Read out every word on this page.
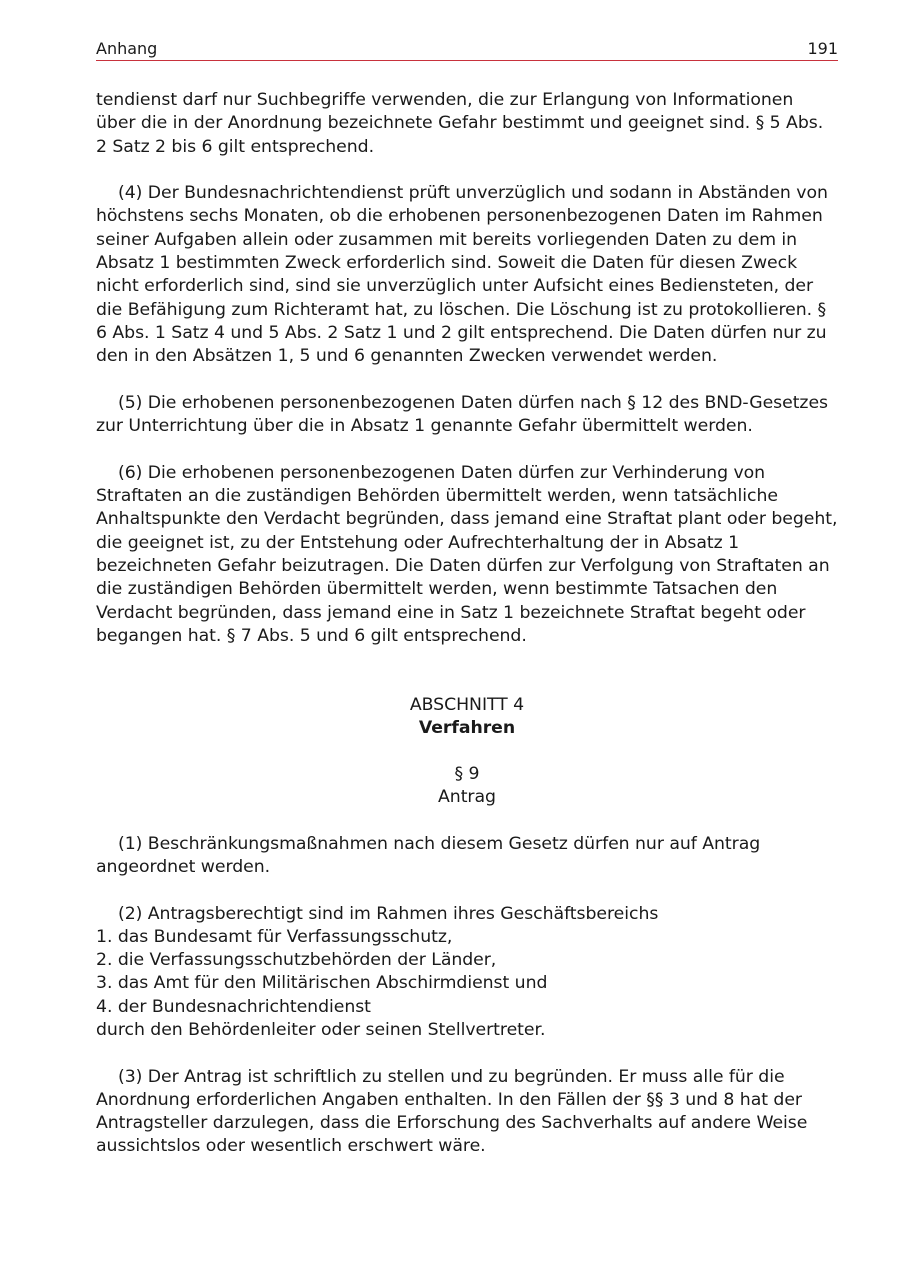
Anhang	191

tendienst darf nur Suchbegriffe verwenden, die zur Erlangung von Informationen über die in der Anordnung bezeichnete Gefahr bestimmt und geeignet sind. § 5 Abs. 2 Satz 2 bis 6 gilt entsprechend.

(4) Der Bundesnachrichtendienst prüft unverzüglich und sodann in Abständen von höchstens sechs Monaten, ob die erhobenen personenbezogenen Daten im Rahmen seiner Aufgaben allein oder zusammen mit bereits vorliegenden Daten zu dem in Absatz 1 bestimmten Zweck erforderlich sind. Soweit die Daten für diesen Zweck nicht erforderlich sind, sind sie unverzüglich unter Aufsicht eines Bediensteten, der die Befähigung zum Richteramt hat, zu löschen. Die Löschung ist zu protokollieren. § 6 Abs. 1 Satz 4 und 5 Abs. 2 Satz 1 und 2 gilt entsprechend. Die Daten dürfen nur zu den in den Absätzen 1, 5 und 6 genannten Zwecken verwendet werden.

(5) Die erhobenen personenbezogenen Daten dürfen nach § 12 des BND-Gesetzes zur Unterrichtung über die in Absatz 1 genannte Gefahr übermittelt werden.

(6) Die erhobenen personenbezogenen Daten dürfen zur Verhinderung von Straftaten an die zuständigen Behörden übermittelt werden, wenn tatsächliche Anhaltspunkte den Verdacht begründen, dass jemand eine Straftat plant oder begeht, die geeignet ist, zu der Entstehung oder Aufrechterhaltung der in Absatz 1 bezeichneten Gefahr beizutragen. Die Daten dürfen zur Verfolgung von Straftaten an die zuständigen Behörden übermittelt werden, wenn bestimmte Tatsachen den Verdacht begründen, dass jemand eine in Satz 1 bezeichnete Straftat begeht oder begangen hat. § 7 Abs. 5 und 6 gilt entsprechend.

ABSCHNITT 4
Verfahren
§ 9
Antrag

(1) Beschränkungsmaßnahmen nach diesem Gesetz dürfen nur auf Antrag angeordnet werden.

(2) Antragsberechtigt sind im Rahmen ihres Geschäftsbereichs

1. das Bundesamt für Verfassungsschutz,
2. die Verfassungsschutzbehörden der Länder,
3. das Amt für den Militärischen Abschirmdienst und
4. der Bundesnachrichtendienst
durch den Behördenleiter oder seinen Stellvertreter.

(3) Der Antrag ist schriftlich zu stellen und zu begründen. Er muss alle für die Anordnung erforderlichen Angaben enthalten. In den Fällen der §§ 3 und 8 hat der Antragsteller darzulegen, dass die Erforschung des Sachverhalts auf andere Weise aussichtslos oder wesentlich erschwert wäre.
